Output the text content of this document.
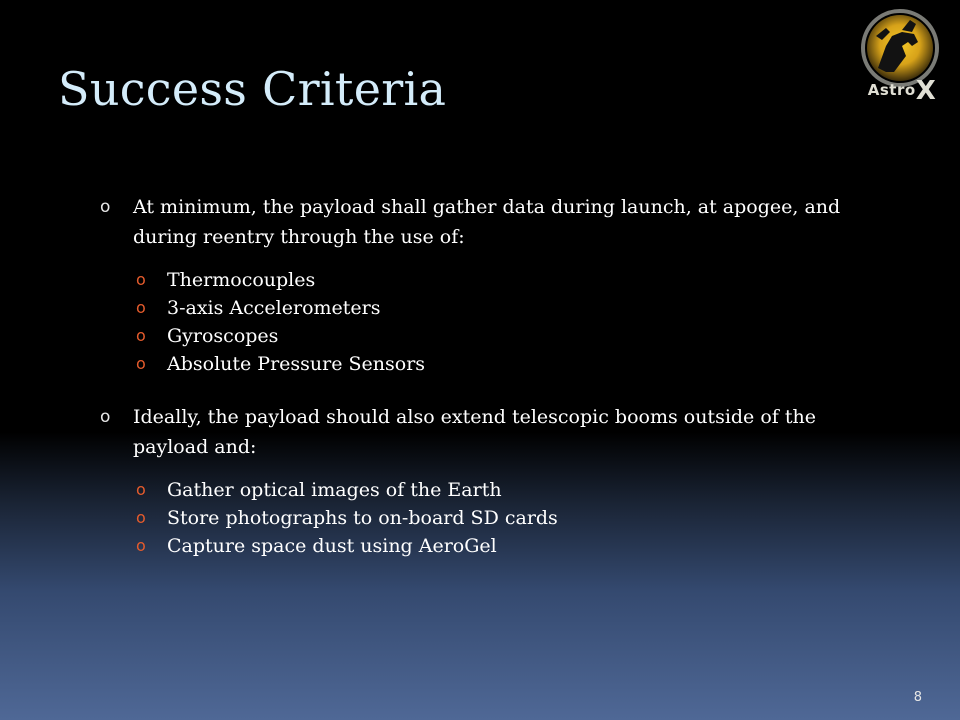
Success Criteria	AstroX
o At minimum, the payload shall gather data during launch, at apogee, and during reentry through the use of:
o Thermocouples
o 3-axis Accelerometers
o Gyroscopes
o Absolute Pressure Sensors
o Ideally, the payload should also extend telescopic booms outside of the payload and:
o Gather optical images of the Earth
o Store photographs to on-board SD cards
o Capture space dust using AeroGel
8
